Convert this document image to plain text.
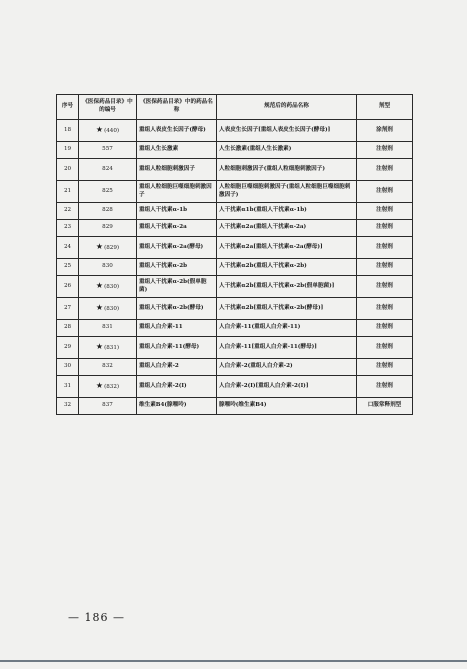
序号	《医保药品目录》中的编号	《医保药品目录》中的药品名称	规范后的药品名称	剂型
18	★(440)	重组人表皮生长因子(酵母)	人表皮生长因子[重组人表皮生长因子(酵母)]	涂剂剂
19	557	重组人生长激素	人生长激素(重组人生长激素)	注射剂
20	824	重组人粒细胞刺激因子	人粒细胞刺激因子(重组人粒细胞刺激因子)	注射剂
21	825	重组人粒细胞巨噬细胞刺激因子	人粒细胞巨噬细胞刺激因子(重组人粒细胞巨噬细胞刺激因子)	注射剂
22	828	重组人干扰素α-1b	人干扰素α1b(重组人干扰素α-1b)	注射剂
23	829	重组人干扰素α-2a	人干扰素α2a(重组人干扰素α-2a)	注射剂
24	★(829)	重组人干扰素α-2a(酵母)	人干扰素α2a[重组人干扰素α-2a(酵母)]	注射剂
25	830	重组人干扰素α-2b	人干扰素α2b(重组人干扰素α-2b)	注射剂
26	★(830)	重组人干扰素α-2b(假单胞菌)	人干扰素α2b[重组人干扰素α-2b(假单胞菌)]	注射剂
27	★(830)	重组人干扰素α-2b(酵母)	人干扰素α2b[重组人干扰素α-2b(酵母)]	注射剂
28	831	重组人白介素-11	人白介素-11(重组人白介素-11)	注射剂
29	★(831)	重组人白介素-11(酵母)	人白介素-11[重组人白介素-11(酵母)]	注射剂
30	832	重组人白介素-2	人白介素-2(重组人白介素-2)	注射剂
31	★(832)	重组人白介素-2(I)	人白介素-2(I)[重组人白介素-2(I)]	注射剂
32	837	维生素B4(腺嘌呤)	腺嘌呤(维生素B4)	口服常释剂型
— 186 —
